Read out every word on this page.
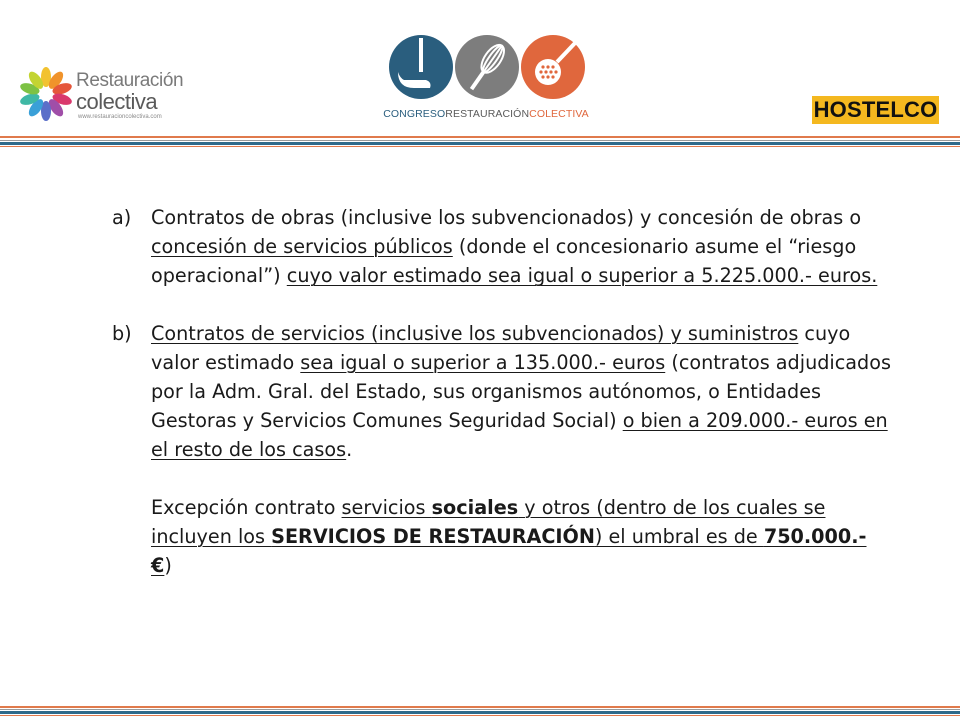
Restauración
colectiva
www.restauracioncolectiva.com	CONGRESORESTAURACIÓNCOLECTIVA	HOSTELCO
a)	Contratos de obras (inclusive los subvencionados) y concesión de obras o concesión de servicios públicos (donde el concesionario asume el “riesgo operacional”) cuyo valor estimado sea igual o superior a 5.225.000.- euros.
b)	Contratos de servicios (inclusive los subvencionados) y suministros cuyo valor estimado sea igual o superior a 135.000.- euros (contratos adjudicados por la Adm. Gral. del Estado, sus organismos autónomos, o Entidades Gestoras y Servicios Comunes Seguridad Social) o bien a 209.000.- euros en el resto de los casos.
Excepción contrato servicios sociales y otros (dentro de los cuales se incluyen los SERVICIOS DE RESTAURACIÓN) el umbral es de 750.000.- €)
